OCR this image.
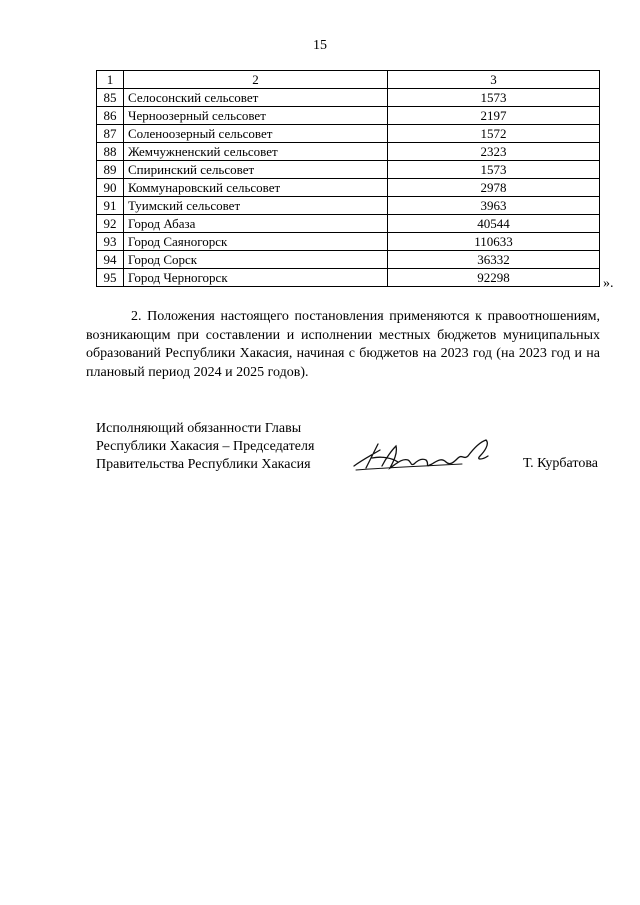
15
1	2	3
85	Селосонский сельсовет	1573
86	Черноозерный сельсовет	2197
87	Соленоозерный сельсовет	1572
88	Жемчужненский сельсовет	2323
89	Спиринский сельсовет	1573
90	Коммунаровский сельсовет	2978
91	Туимский сельсовет	3963
92	Город Абаза	40544
93	Город Саяногорск	110633
94	Город Сорск	36332
95	Город Черногорск	92298	».
2. Положения настоящего постановления применяются к правоотношениям, возникающим при составлении и исполнении местных бюджетов муниципальных образований Республики Хакасия, начиная с бюджетов на 2023 год (на 2023 год и на плановый период 2024 и 2025 годов).
Исполняющий обязанности Главы
Республики Хакасия – Председателя
Правительства Республики Хакасия	Т. Курбатова
